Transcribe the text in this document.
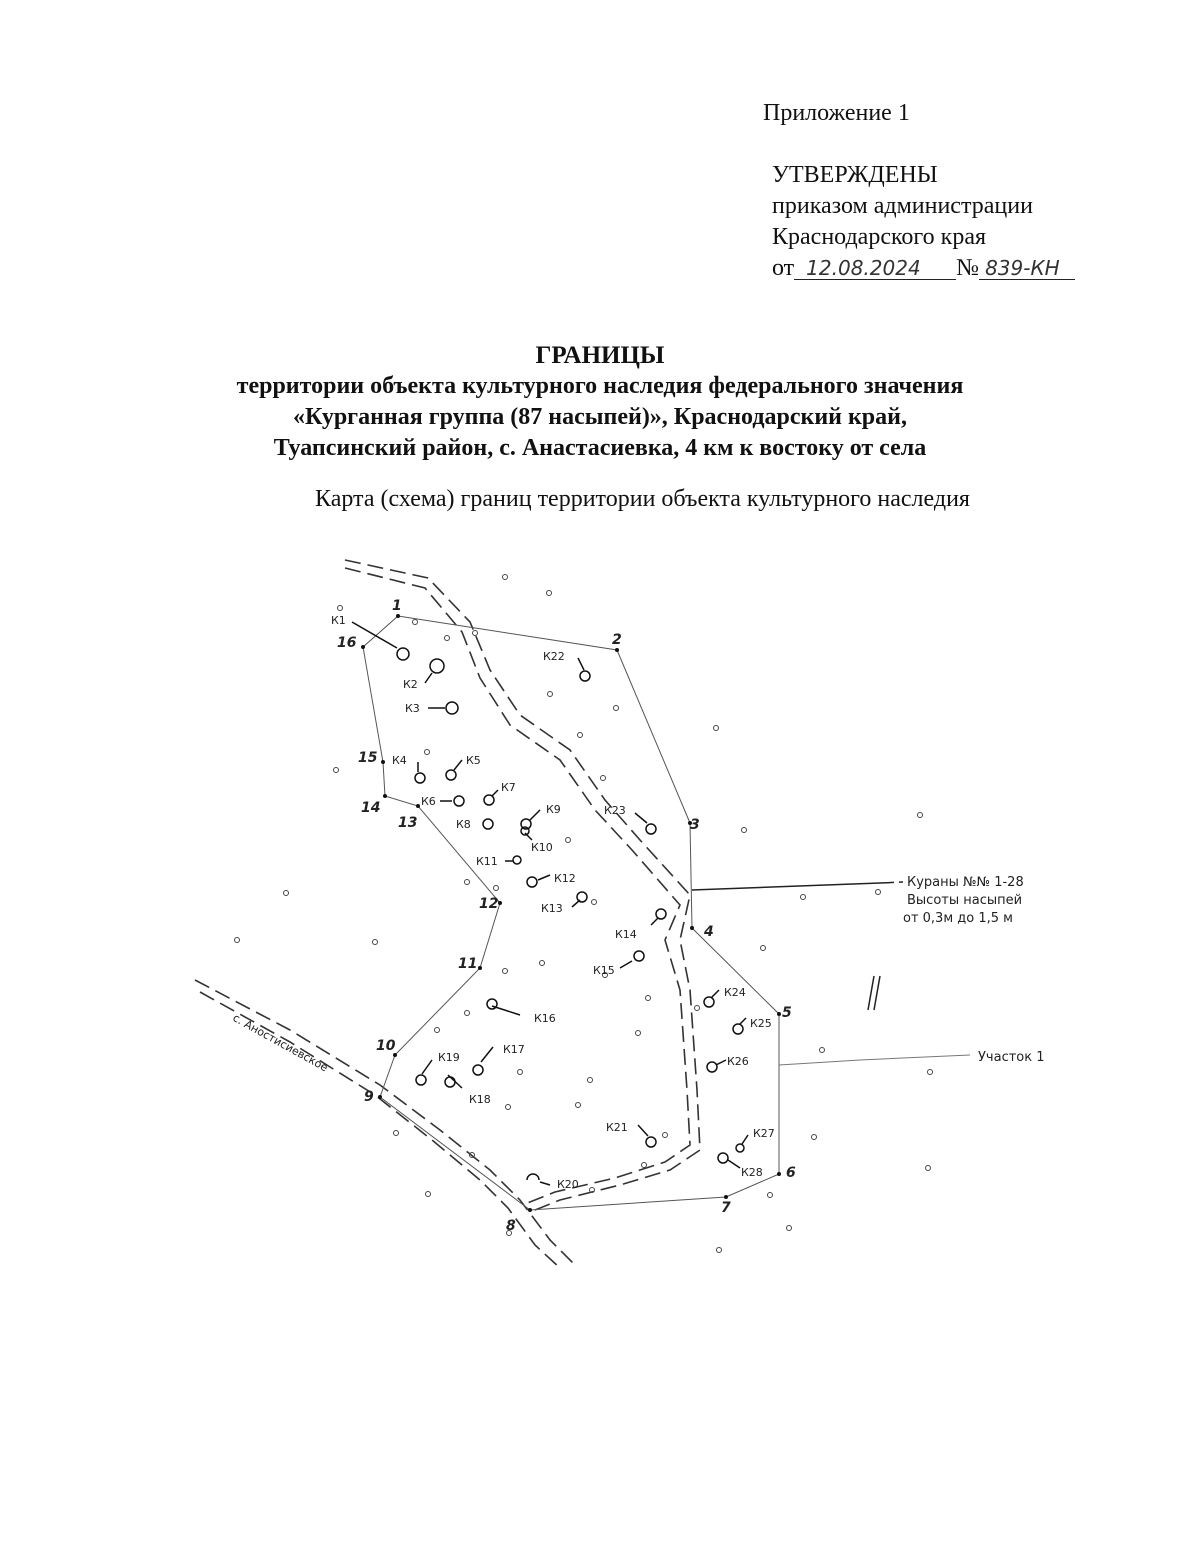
Приложение 1
УТВЕРЖДЕНЫ
приказом администрации
Краснодарского края
от 12.08.2024 № 839-КН
ГРАНИЦЫ
территории объекта культурного наследия федерального значения
«Курганная группа (87 насыпей)», Краснодарский край,
Туапсинский район, с. Анастасиевка, 4 км к востоку от села
Карта (схема) границ территории объекта культурного наследия
К1
К2
К3
К4	К5
К6
К7
К8
К9
К10
К11
К12
К13
К14
К15
К16
К17
К18
К19
К20
К21
К22
К23
К24
К25
К26
К27
К28
1
2
3
4
5
6
7
8
9
10
11
12
13
14
15
16
Кураны №№ 1-28
Высоты насыпей
от 0,3м до 1,5 м
Участок 1
с. Аностисиевское
